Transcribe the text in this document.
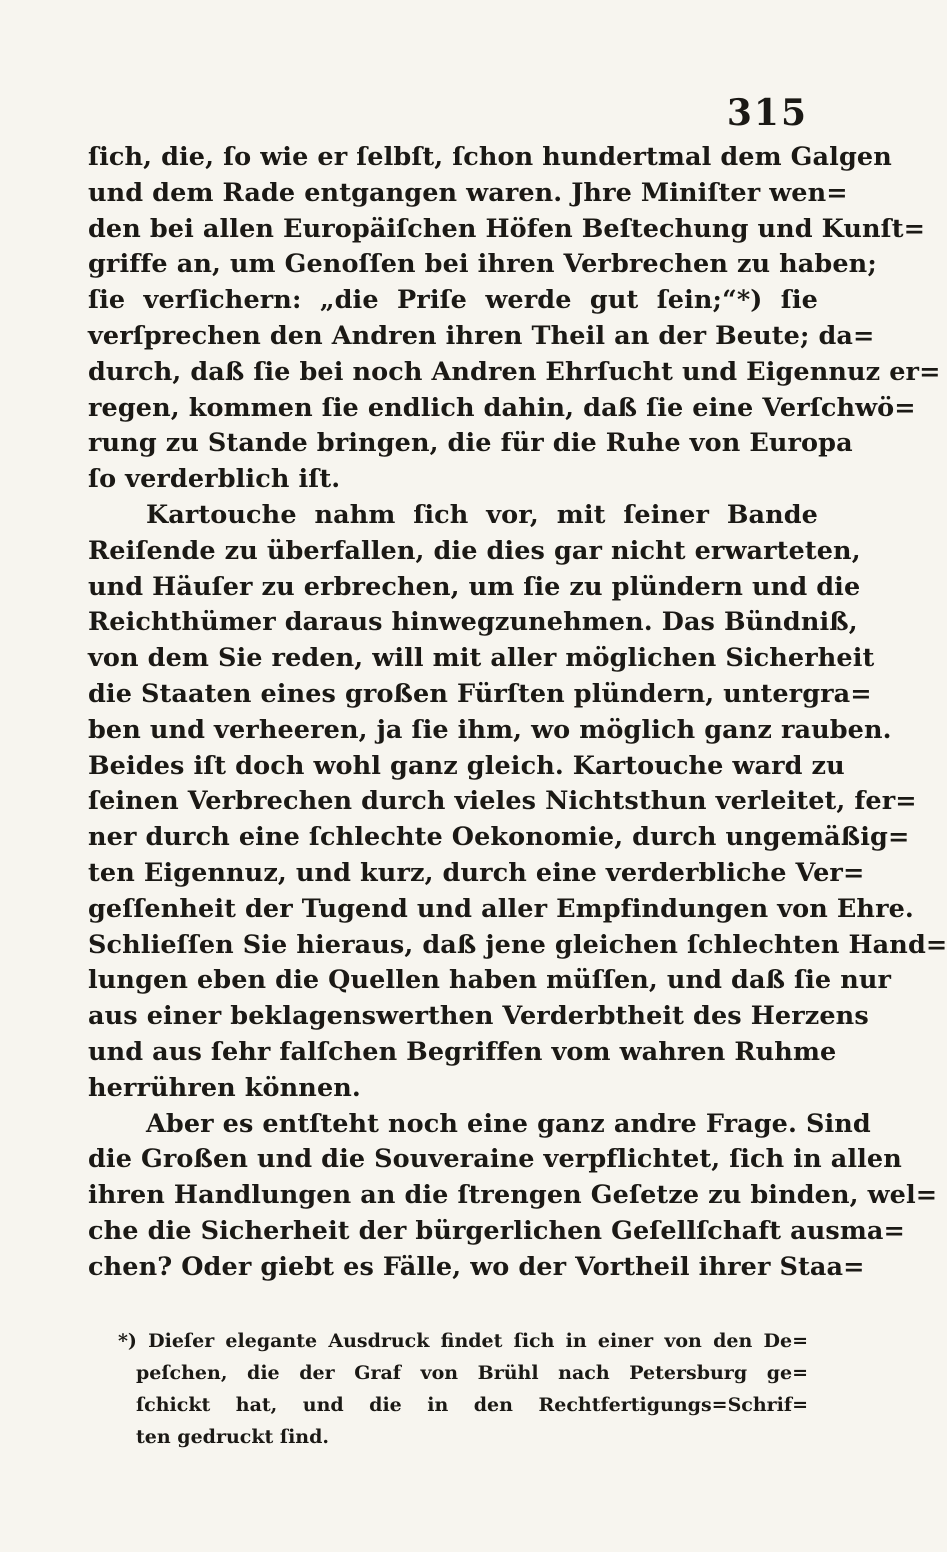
315
ſich, die, ſo wie er ſelbſt, ſchon hundertmal dem Galgen
und dem Rade entgangen waren. Jhre Miniſter wen=
den bei allen Europäiſchen Höfen Beſtechung und Kunſt=
griffe an, um Genoſſen bei ihren Verbrechen zu haben;
ſie verſichern: „die Priſe werde gut ſein;“*) ſie
verſprechen den Andren ihren Theil an der Beute; da=
durch, daß ſie bei noch Andren Ehrſucht und Eigennuz er=
regen, kommen ſie endlich dahin, daß ſie eine Verſchwö=
rung zu Stande bringen, die für die Ruhe von Europa
ſo verderblich iſt.
Kartouche nahm ſich vor, mit ſeiner Bande
Reiſende zu überfallen, die dies gar nicht erwarteten,
und Häuſer zu erbrechen, um ſie zu plündern und die
Reichthümer daraus hinwegzunehmen. Das Bündniß,
von dem Sie reden, will mit aller möglichen Sicherheit
die Staaten eines großen Fürſten plündern, untergra=
ben und verheeren, ja ſie ihm, wo möglich ganz rauben.
Beides iſt doch wohl ganz gleich. Kartouche ward zu
ſeinen Verbrechen durch vieles Nichtsthun verleitet, fer=
ner durch eine ſchlechte Oekonomie, durch ungemäßig=
ten Eigennuz, und kurz, durch eine verderbliche Ver=
geſſenheit der Tugend und aller Empfindungen von Ehre.
Schlieſſen Sie hieraus, daß jene gleichen ſchlechten Hand=
lungen eben die Quellen haben müſſen, und daß ſie nur
aus einer beklagenswerthen Verderbtheit des Herzens
und aus ſehr falſchen Begriffen vom wahren Ruhme
herrühren können.
Aber es entſteht noch eine ganz andre Frage. Sind
die Großen und die Souveraine verpflichtet, ſich in allen
ihren Handlungen an die ſtrengen Geſetze zu binden, wel=
che die Sicherheit der bürgerlichen Geſellſchaft ausma=
chen? Oder giebt es Fälle, wo der Vortheil ihrer Staa=
*) Dieſer elegante Ausdruck findet ſich in einer von den De=
peſchen, die der Graf von Brühl nach Petersburg ge=
ſchickt hat, und die in den Rechtfertigungs=Schrif=
ten gedruckt ſind.
